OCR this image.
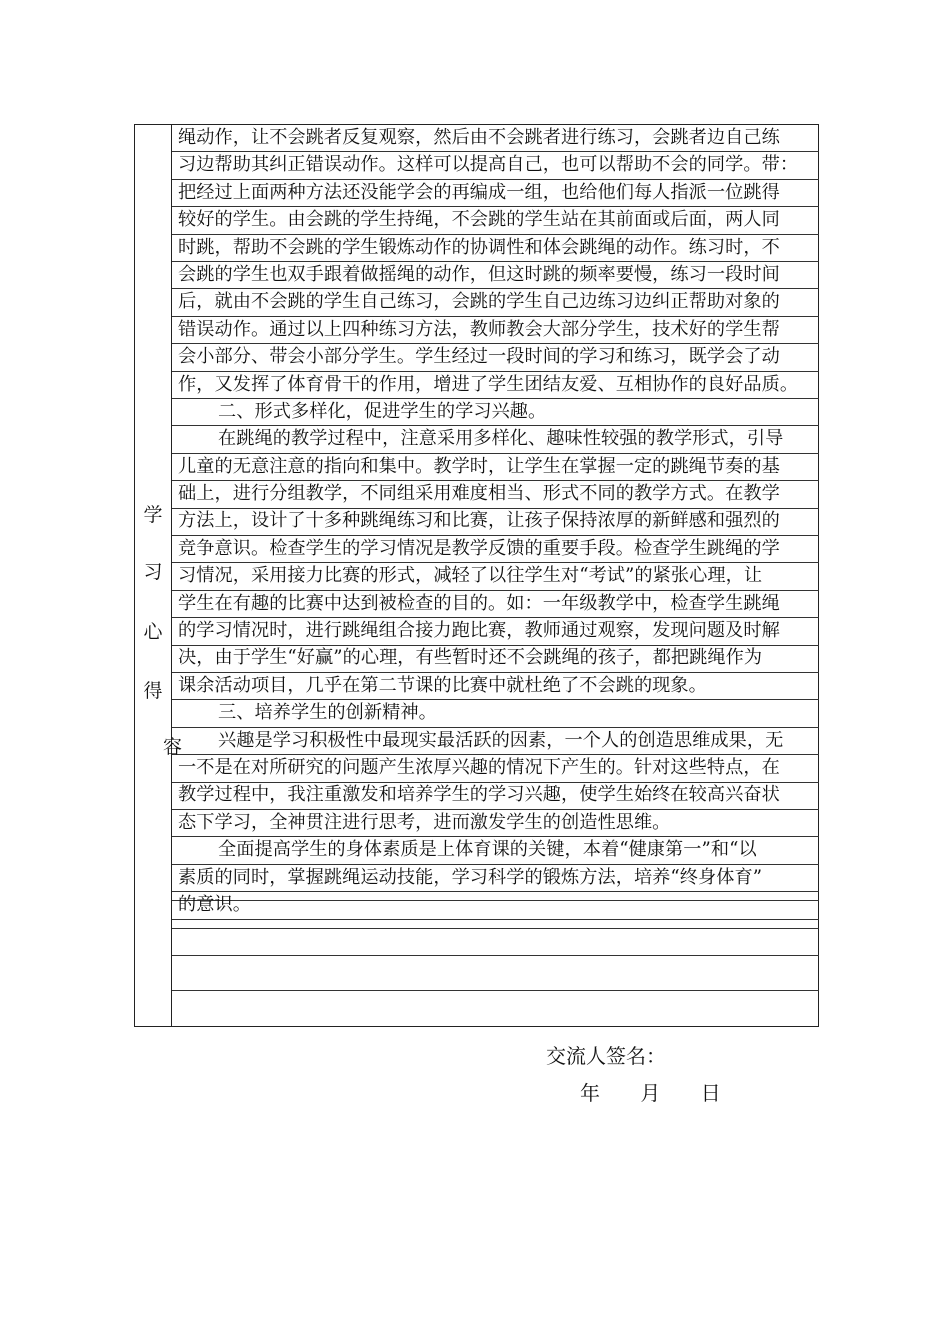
绳动作，让不会跳者反复观察，然后由不会跳者进行练习，会跳者边自己练
习边帮助其纠正错误动作。这样可以提高自己，也可以帮助不会的同学。带：
把经过上面两种方法还没能学会的再编成一组，也给他们每人指派一位跳得
较好的学生。由会跳的学生持绳，不会跳的学生站在其前面或后面，两人同
时跳，帮助不会跳的学生锻炼动作的协调性和体会跳绳的动作。练习时，不
会跳的学生也双手跟着做摇绳的动作，但这时跳的频率要慢，练习一段时间
后，就由不会跳的学生自己练习，会跳的学生自己边练习边纠正帮助对象的
错误动作。通过以上四种练习方法，教师教会大部分学生，技术好的学生帮
会小部分、带会小部分学生。学生经过一段时间的学习和练习，既学会了动
作，又发挥了体育骨干的作用，增进了学生团结友爱、互相协作的良好品质。
二、形式多样化，促进学生的学习兴趣。
在跳绳的教学过程中，注意采用多样化、趣味性较强的教学形式，引导
儿童的无意注意的指向和集中。教学时，让学生在掌握一定的跳绳节奏的基
础上，进行分组教学，不同组采用难度相当、形式不同的教学方式。在教学
方法上，设计了十多种跳绳练习和比赛，让孩子保持浓厚的新鲜感和强烈的
竞争意识。检查学生的学习情况是教学反馈的重要手段。检查学生跳绳的学
习情况，采用接力比赛的形式，减轻了以往学生对“考试”的紧张心理，让
学生在有趣的比赛中达到被检查的目的。如：一年级教学中，检查学生跳绳
的学习情况时，进行跳绳组合接力跑比赛，教师通过观察，发现问题及时解
决，由于学生“好赢”的心理，有些暂时还不会跳绳的孩子，都把跳绳作为
课余活动项目，几乎在第二节课的比赛中就杜绝了不会跳的现象。
三、培养学生的创新精神。
兴趣是学习积极性中最现实最活跃的因素，一个人的创造思维成果，无
一不是在对所研究的问题产生浓厚兴趣的情况下产生的。针对这些特点，在
教学过程中，我注重激发和培养学生的学习兴趣，使学生始终在较高兴奋状
态下学习，全神贯注进行思考，进而激发学生的创造性思维。
全面提高学生的身体素质是上体育课的关键，本着“健康第一”和“以
素质的同时，掌握跳绳运动技能，学习科学的锻炼方法，培养“终身体育”
的意识。
学
习
心
得
容
交流人签名：
年 月 日
